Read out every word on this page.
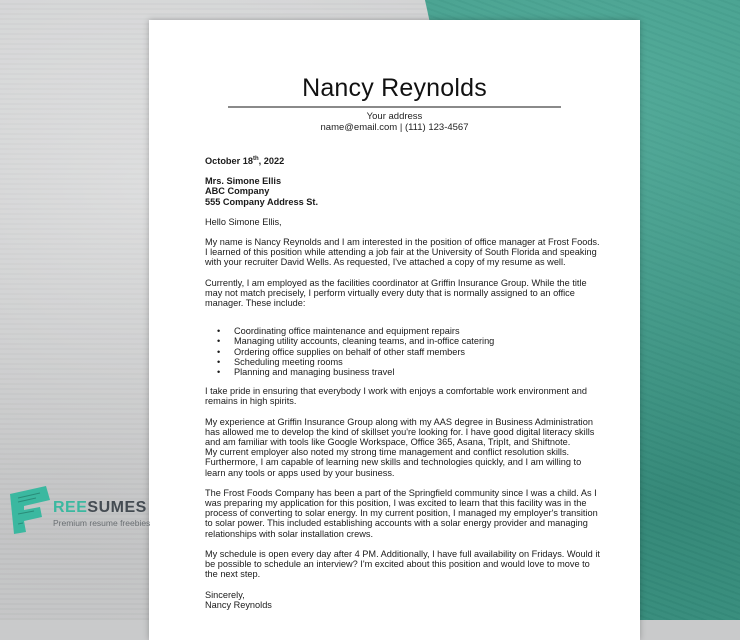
Nancy Reynolds
Your address
name@email.com | (111) 123-4567

October 18th, 2022

Mrs. Simone Ellis
ABC Company
555 Company Address St.

Hello Simone Ellis,

My name is Nancy Reynolds and I am interested in the position of office manager at Frost Foods. I learned of this position while attending a job fair at the University of South Florida and speaking with your recruiter David Wells. As requested, I've attached a copy of my resume as well.

Currently, I am employed as the facilities coordinator at Griffin Insurance Group. While the title may not match precisely, I perform virtually every duty that is normally assigned to an office manager. These include:

• Coordinating office maintenance and equipment repairs
• Managing utility accounts, cleaning teams, and in-office catering
• Ordering office supplies on behalf of other staff members
• Scheduling meeting rooms
• Planning and managing business travel

I take pride in ensuring that everybody I work with enjoys a comfortable work environment and remains in high spirits.

My experience at Griffin Insurance Group along with my AAS degree in Business Administration has allowed me to develop the kind of skillset you're looking for. I have good digital literacy skills and am familiar with tools like Google Workspace, Office 365, Asana, TripIt, and Shiftnote.

My current employer also noted my strong time management and conflict resolution skills. Furthermore, I am capable of learning new skills and technologies quickly, and I am willing to learn any tools or apps used by your business.

The Frost Foods Company has been a part of the Springfield community since I was a child. As I was preparing my application for this position, I was excited to learn that this facility was in the process of converting to solar energy. In my current position, I managed my employer's transition to solar power. This included establishing accounts with a solar energy provider and managing relationships with solar installation crews.

My schedule is open every day after 4 PM. Additionally, I have full availability on Fridays. Would it be possible to schedule an interview? I'm excited about this position and would love to move to the next step.

Sincerely,
Nancy Reynolds

REESUMES
Premium resume freebies
